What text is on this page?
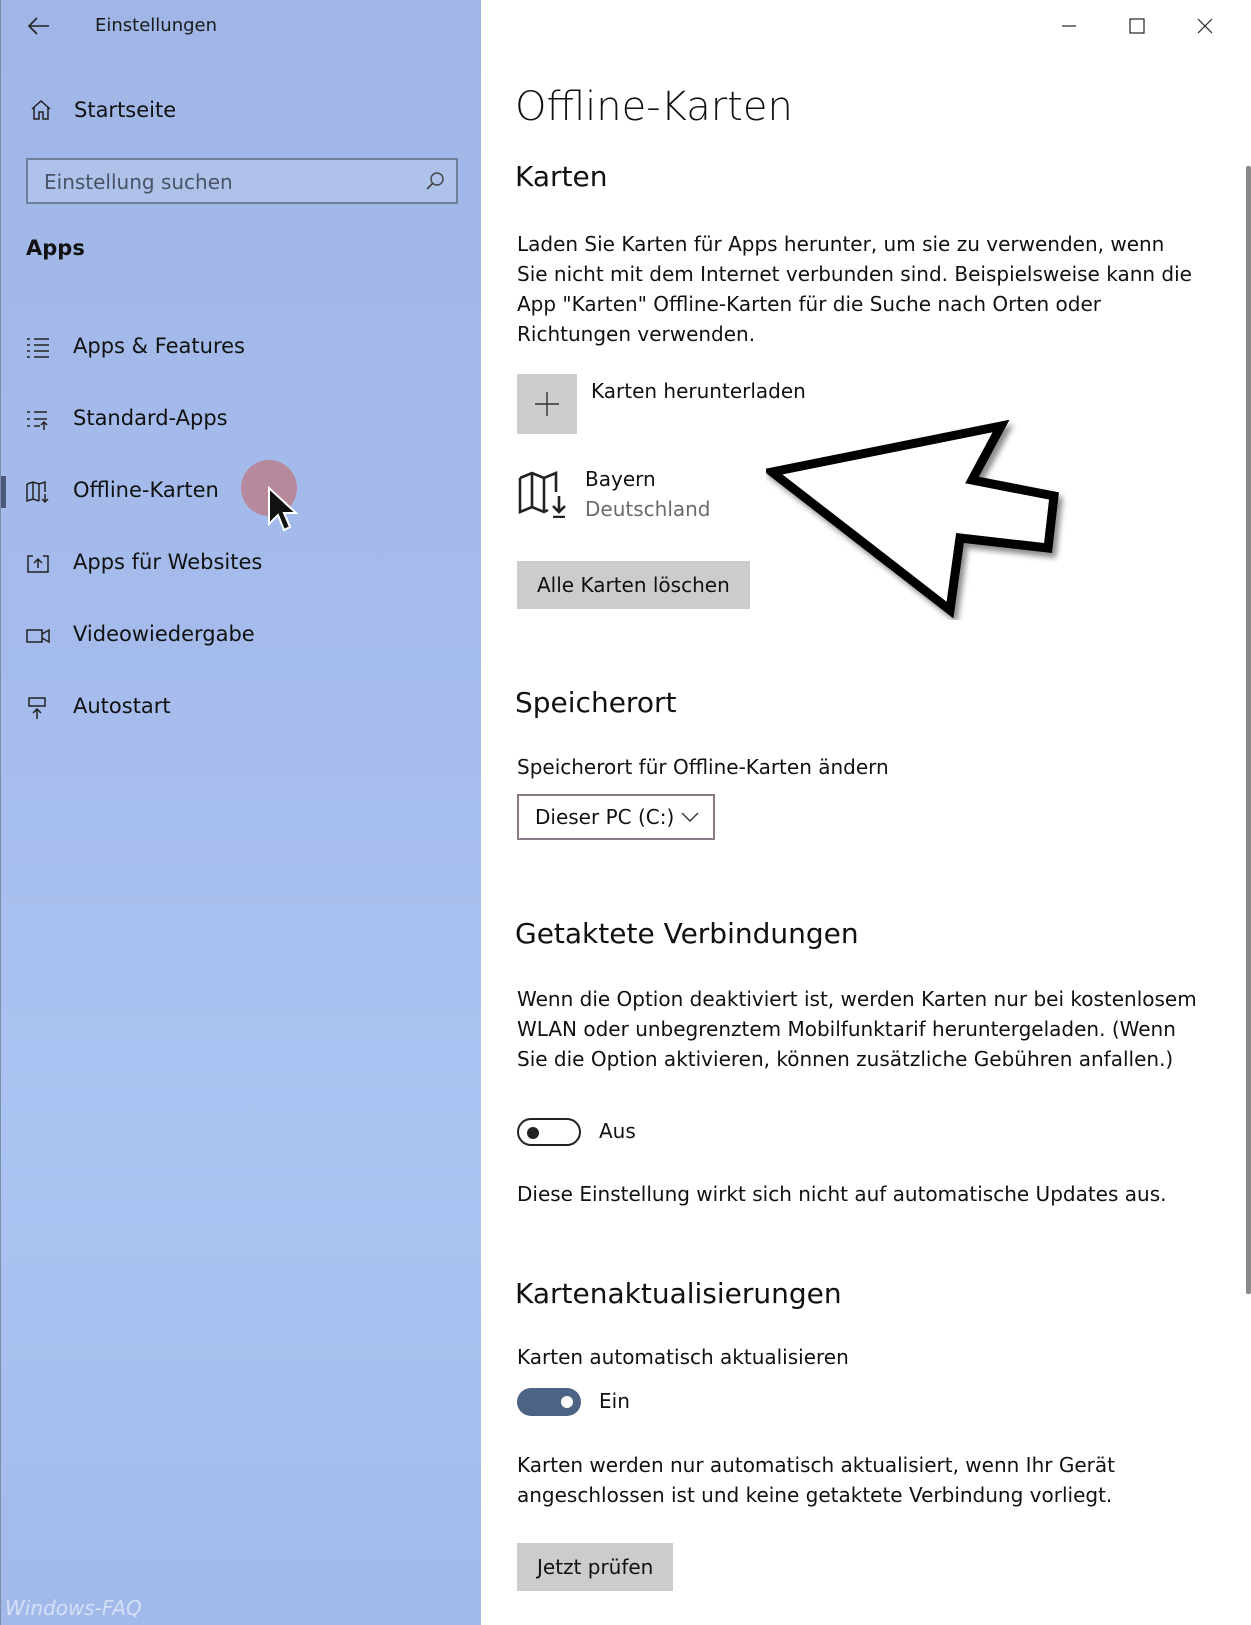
Einstellungen
Startseite
Einstellung suchen
Apps
Apps & Features
Standard-Apps
Offline-Karten
Apps für Websites
Videowiedergabe
Autostart
Windows-FAQ
Offline-Karten
Karten
Laden Sie Karten für Apps herunter, um sie zu verwenden, wenn Sie nicht mit dem Internet verbunden sind. Beispielsweise kann die App "Karten" Offline-Karten für die Suche nach Orten oder Richtungen verwenden.
Karten herunterladen
Bayern
Deutschland
Alle Karten löschen
Speicherort
Speicherort für Offline-Karten ändern
Dieser PC (C:)
Getaktete Verbindungen
Wenn die Option deaktiviert ist, werden Karten nur bei kostenlosem WLAN oder unbegrenztem Mobilfunktarif heruntergeladen. (Wenn Sie die Option aktivieren, können zusätzliche Gebühren anfallen.)
Aus
Diese Einstellung wirkt sich nicht auf automatische Updates aus.
Kartenaktualisierungen
Karten automatisch aktualisieren
Ein
Karten werden nur automatisch aktualisiert, wenn Ihr Gerät angeschlossen ist und keine getaktete Verbindung vorliegt.
Jetzt prüfen
